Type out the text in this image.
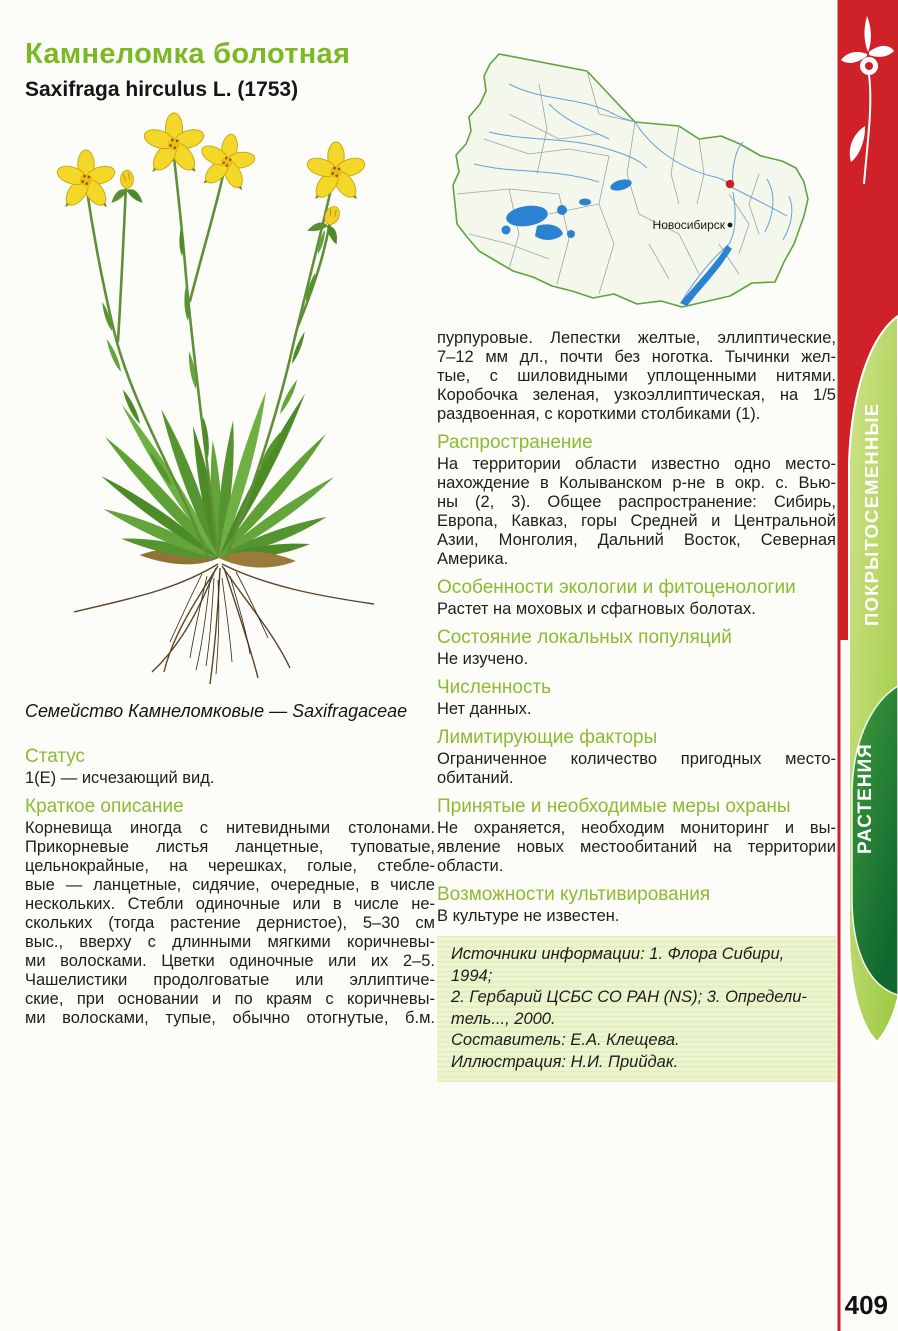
Камнеломка болотная
Saxifraga hirculus L. (1753)
Новосибирск

Семейство Камнеломковые — Saxifragaceae

Статус
1(Е) — исчезающий вид.
Краткое описание
Корневища иногда с нитевидными столонами.
Прикорневые листья ланцетные, туповатые,
цельнокрайные, на черешках, голые, стебле-
вые — ланцетные, сидячие, очередные, в числе
нескольких. Стебли одиночные или в числе не-
скольких (тогда растение дернистое), 5–30 см
выс., вверху с длинными мягкими коричневы-
ми волосками. Цветки одиночные или их 2–5.
Чашелистики продолговатые или эллиптиче-
ские, при основании и по краям с коричневы-
ми волосками, тупые, обычно отогнутые, б.м.
пурпуровые. Лепестки желтые, эллиптические,
7–12 мм дл., почти без ноготка. Тычинки жел-
тые, с шиловидными уплощенными нитями.
Коробочка зеленая, узкоэллиптическая, на 1/5
раздвоенная, с короткими столбиками (1).
Распространение
На территории области известно одно место-
нахождение в Колыванском р-не в окр. с. Вью-
ны (2, 3). Общее распространение: Сибирь,
Европа, Кавказ, горы Средней и Центральной
Азии, Монголия, Дальний Восток, Северная
Америка.
Особенности экологии и фитоценологии
Растет на моховых и сфагновых болотах.
Состояние локальных популяций
Не изучено.
Численность
Нет данных.
Лимитирующие факторы
Ограниченное количество пригодных место-
обитаний.
Принятые и необходимые меры охраны
Не охраняется, необходим мониторинг и вы-
явление новых местообитаний на территории
области.
Возможности культивирования
В культуре не известен.
Источники информации: 1. Флора Сибири, 1994;
2. Гербарий ЦСБС СО РАН (NS); 3. Определи-
тель..., 2000.
Составитель: Е.А. Клещева.
Иллюстрация: Н.И. Прийдак.
ПОКРЫТОСЕМЕННЫЕ
РАСТЕНИЯ
409
